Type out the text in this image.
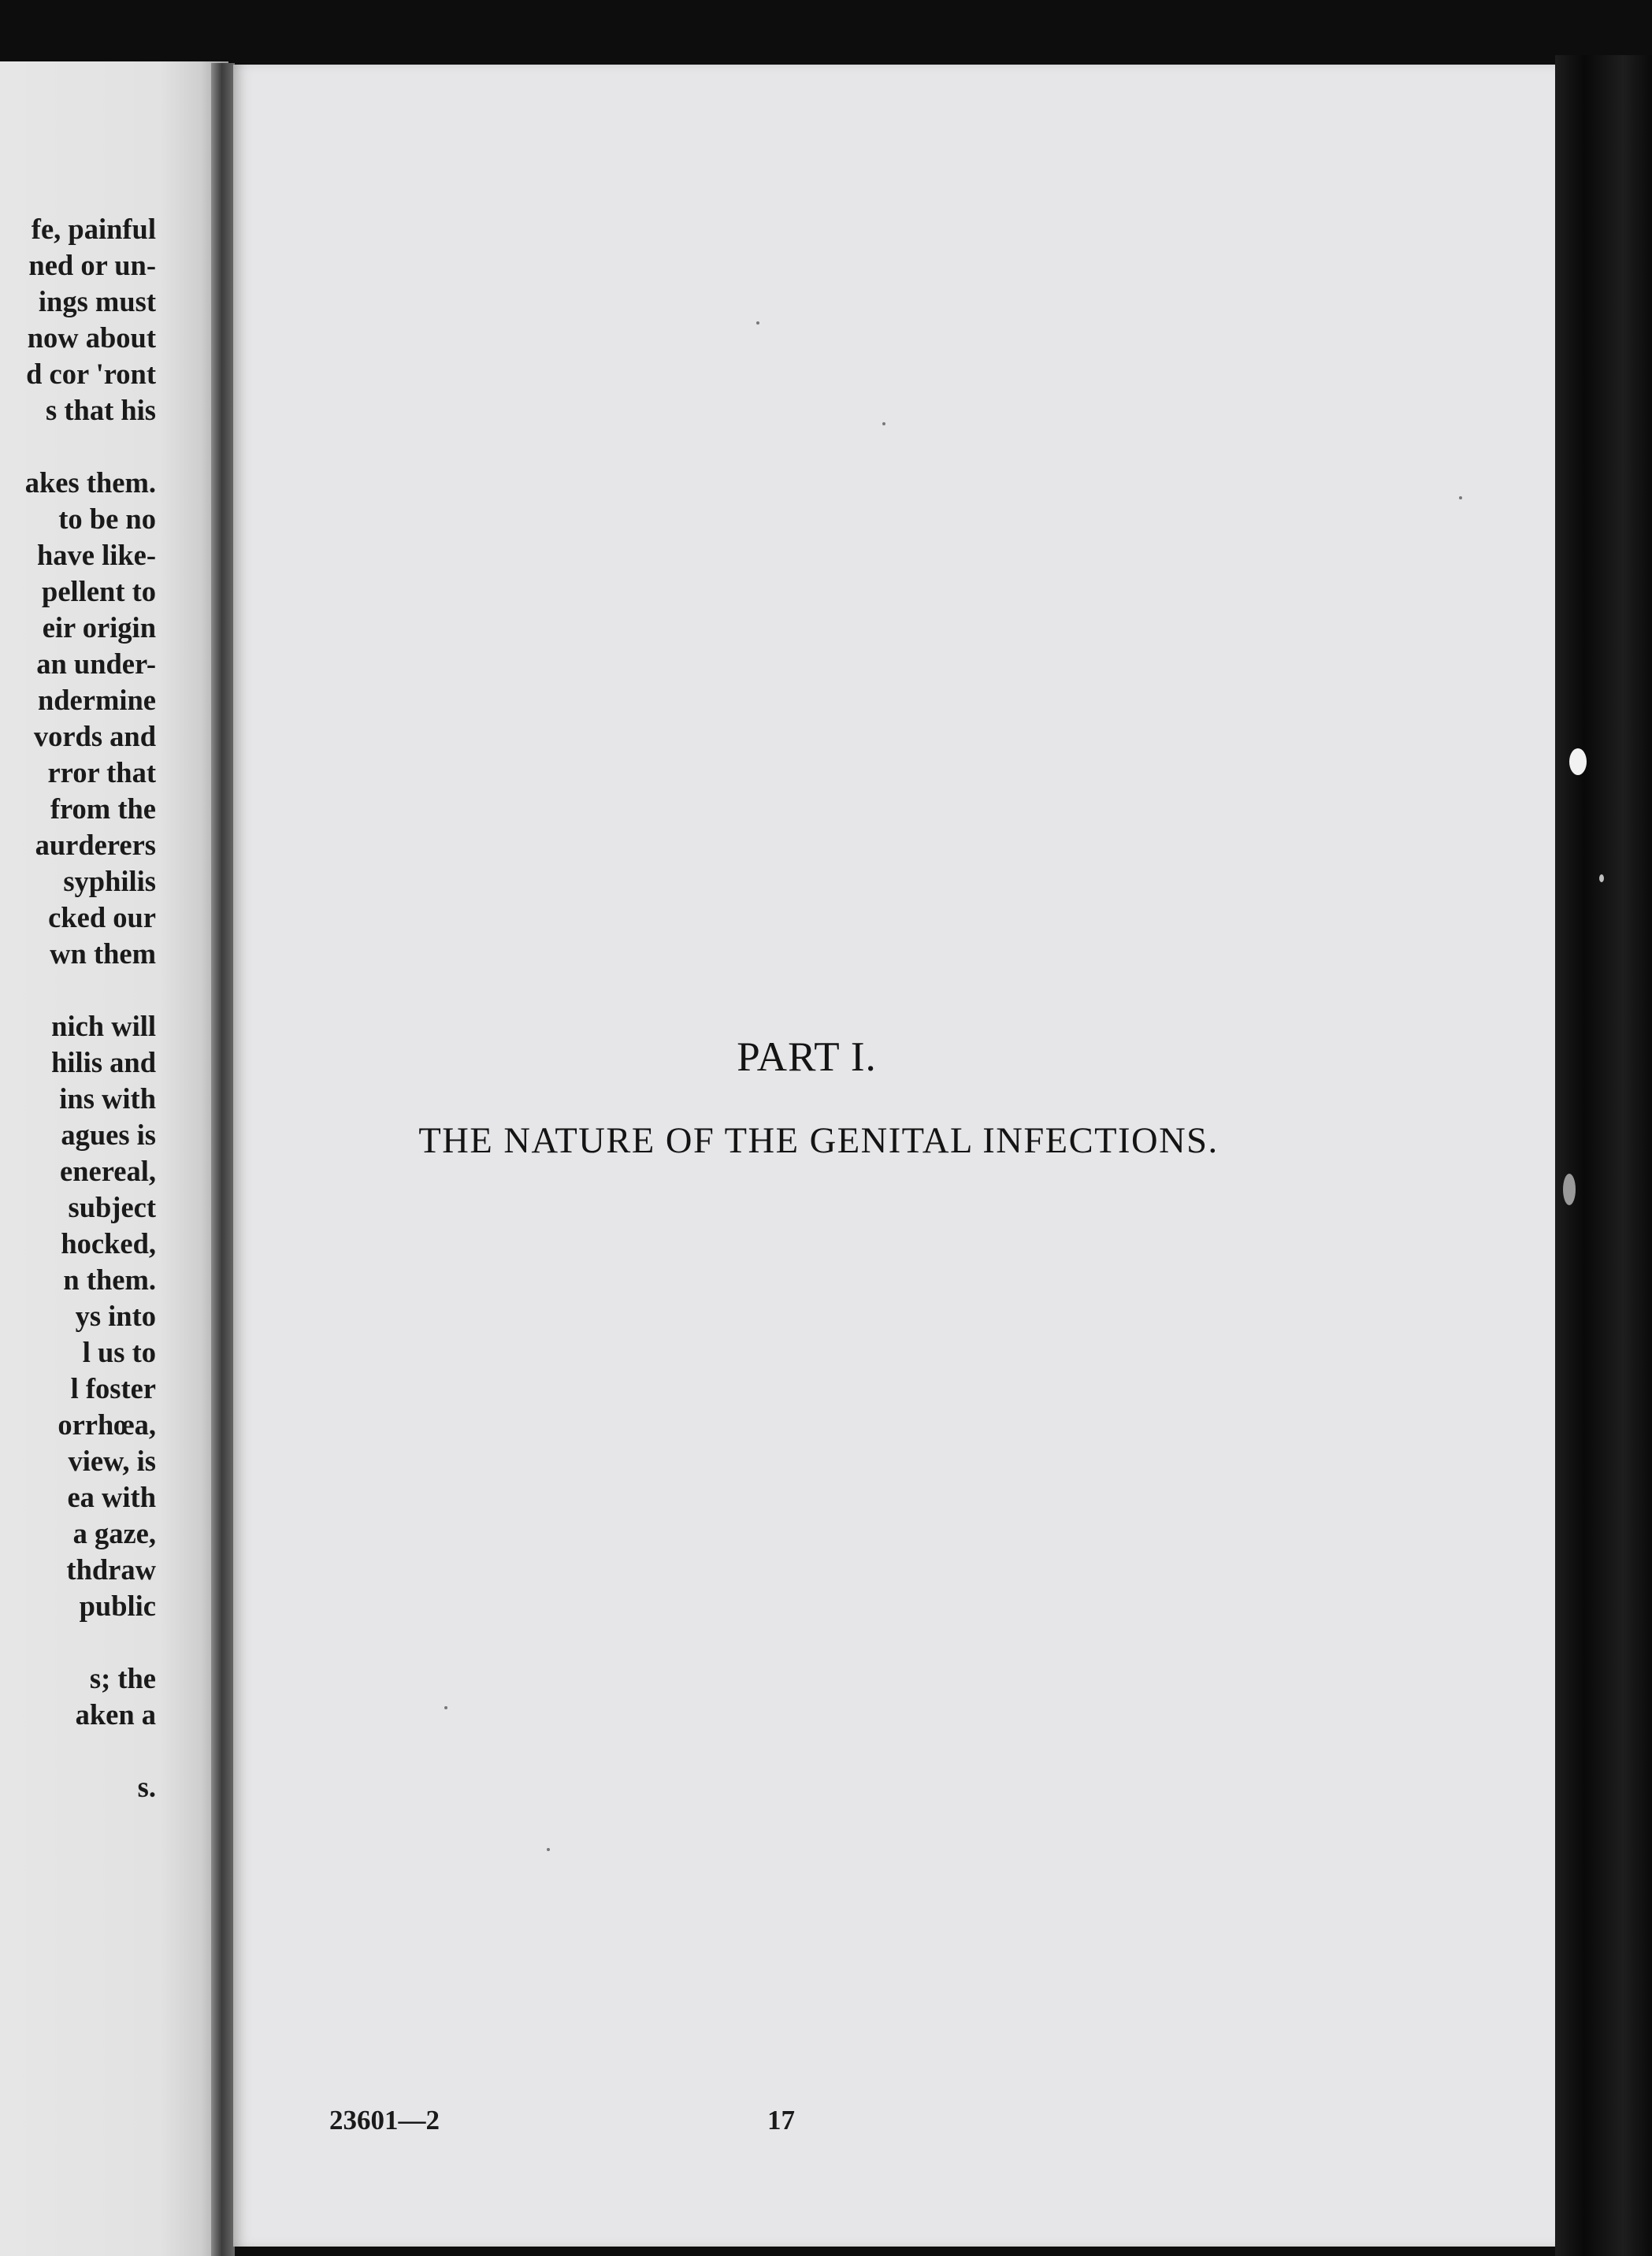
fe, painful
ned or un-
ings must
now about
d cor 'ront
s that his
akes them.
to be no
have like-
pellent to
eir origin
an under-
ndermine
vords and
rror that
from the
aurderers
syphilis
cked our
wn them
nich will
hilis and
ins with
agues is
enereal,
subject
hocked,
n them.
ys into
l us to
l foster
orrhœa,
view, is
ea with
a gaze,
thdraw
public
s; the
aken a
s.
PART I.
THE NATURE OF THE GENITAL INFECTIONS.
23601—2	17
